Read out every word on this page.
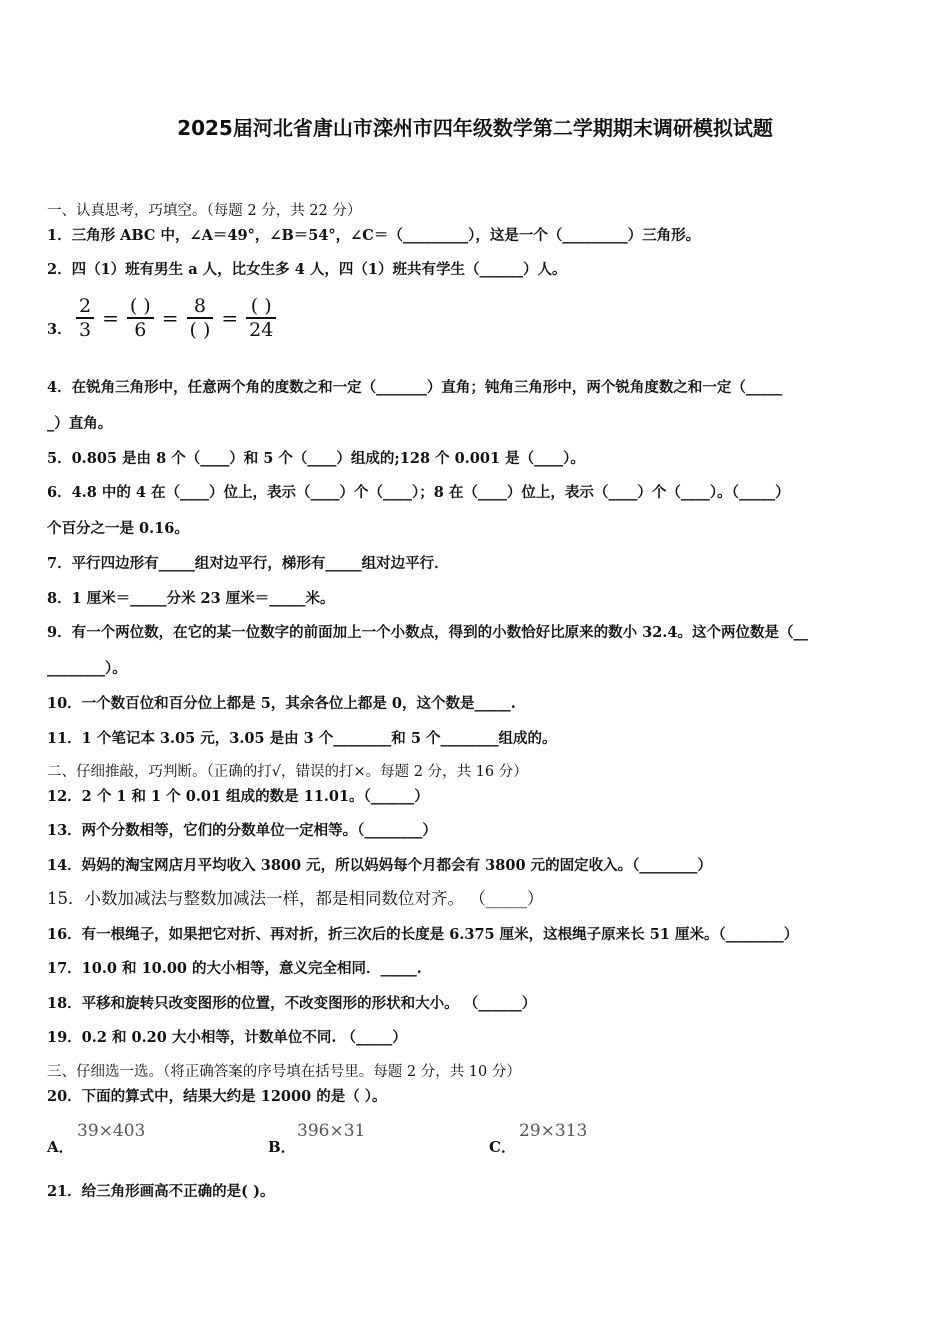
2025届河北省唐山市滦州市四年级数学第二学期期末调研模拟试题
一、认真思考，巧填空。（每题 2 分，共 22 分）
1．三角形 ABC 中，∠A＝49°，∠B＝54°，∠C＝（_________），这是一个（_________）三角形。
2．四（1）班有男生 a 人，比女生多 4 人，四（1）班共有学生（______）人。
3． $\frac{2}{3} = \frac{( )}{6} = \frac{8}{( )} = \frac{( )}{24}$
4．在锐角三角形中，任意两个角的度数之和一定（_______）直角；钝角三角形中，两个锐角度数之和一定（_____
_）直角。
5．0.805 是由 8 个（____）和 5 个（____）组成的;128 个 0.001 是（____）。
6．4.8 中的 4 在（____）位上，表示（____）个（____）；8 在（____）位上，表示（____）个（____）。（_____）
个百分之一是 0.16。
7．平行四边形有_____组对边平行，梯形有_____组对边平行．
8．1 厘米＝_____分米 23 厘米＝_____米。
9．有一个两位数，在它的某一位数字的前面加上一个小数点，得到的小数恰好比原来的数小 32.4。这个两位数是（__
________）。
10．一个数百位和百分位上都是 5，其余各位上都是 0，这个数是_____.
11．1 个笔记本 3.05 元，3.05 是由 3 个________和 5 个________组成的。
二、仔细推敲，巧判断。（正确的打√，错误的打×。每题 2 分，共 16 分）
12．2 个 1 和 1 个 0.01 组成的数是 11.01。（______）
13．两个分数相等，它们的分数单位一定相等。（________）
14．妈妈的淘宝网店月平均收入 3800 元，所以妈妈每个月都会有 3800 元的固定收入。（________）
15．小数加减法与整数加减法一样，都是相同数位对齐。 （_____）
16．有一根绳子，如果把它对折、再对折，折三次后的长度是 6.375 厘米，这根绳子原来长 51 厘米。（________）
17．10.0 和 10.00 的大小相等，意义完全相同．_____.
18．平移和旋转只改变图形的位置，不改变图形的形状和大小。 （______）
19．0.2 和 0.20 大小相等，计数单位不同. （_____）
三、仔细选一选。（将正确答案的序号填在括号里。每题 2 分，共 10 分）
20．下面的算式中，结果大约是 12000 的是（ ）。
A．
39×403
B．
396×31
C．
29×313
21．给三角形画高不正确的是( )。
